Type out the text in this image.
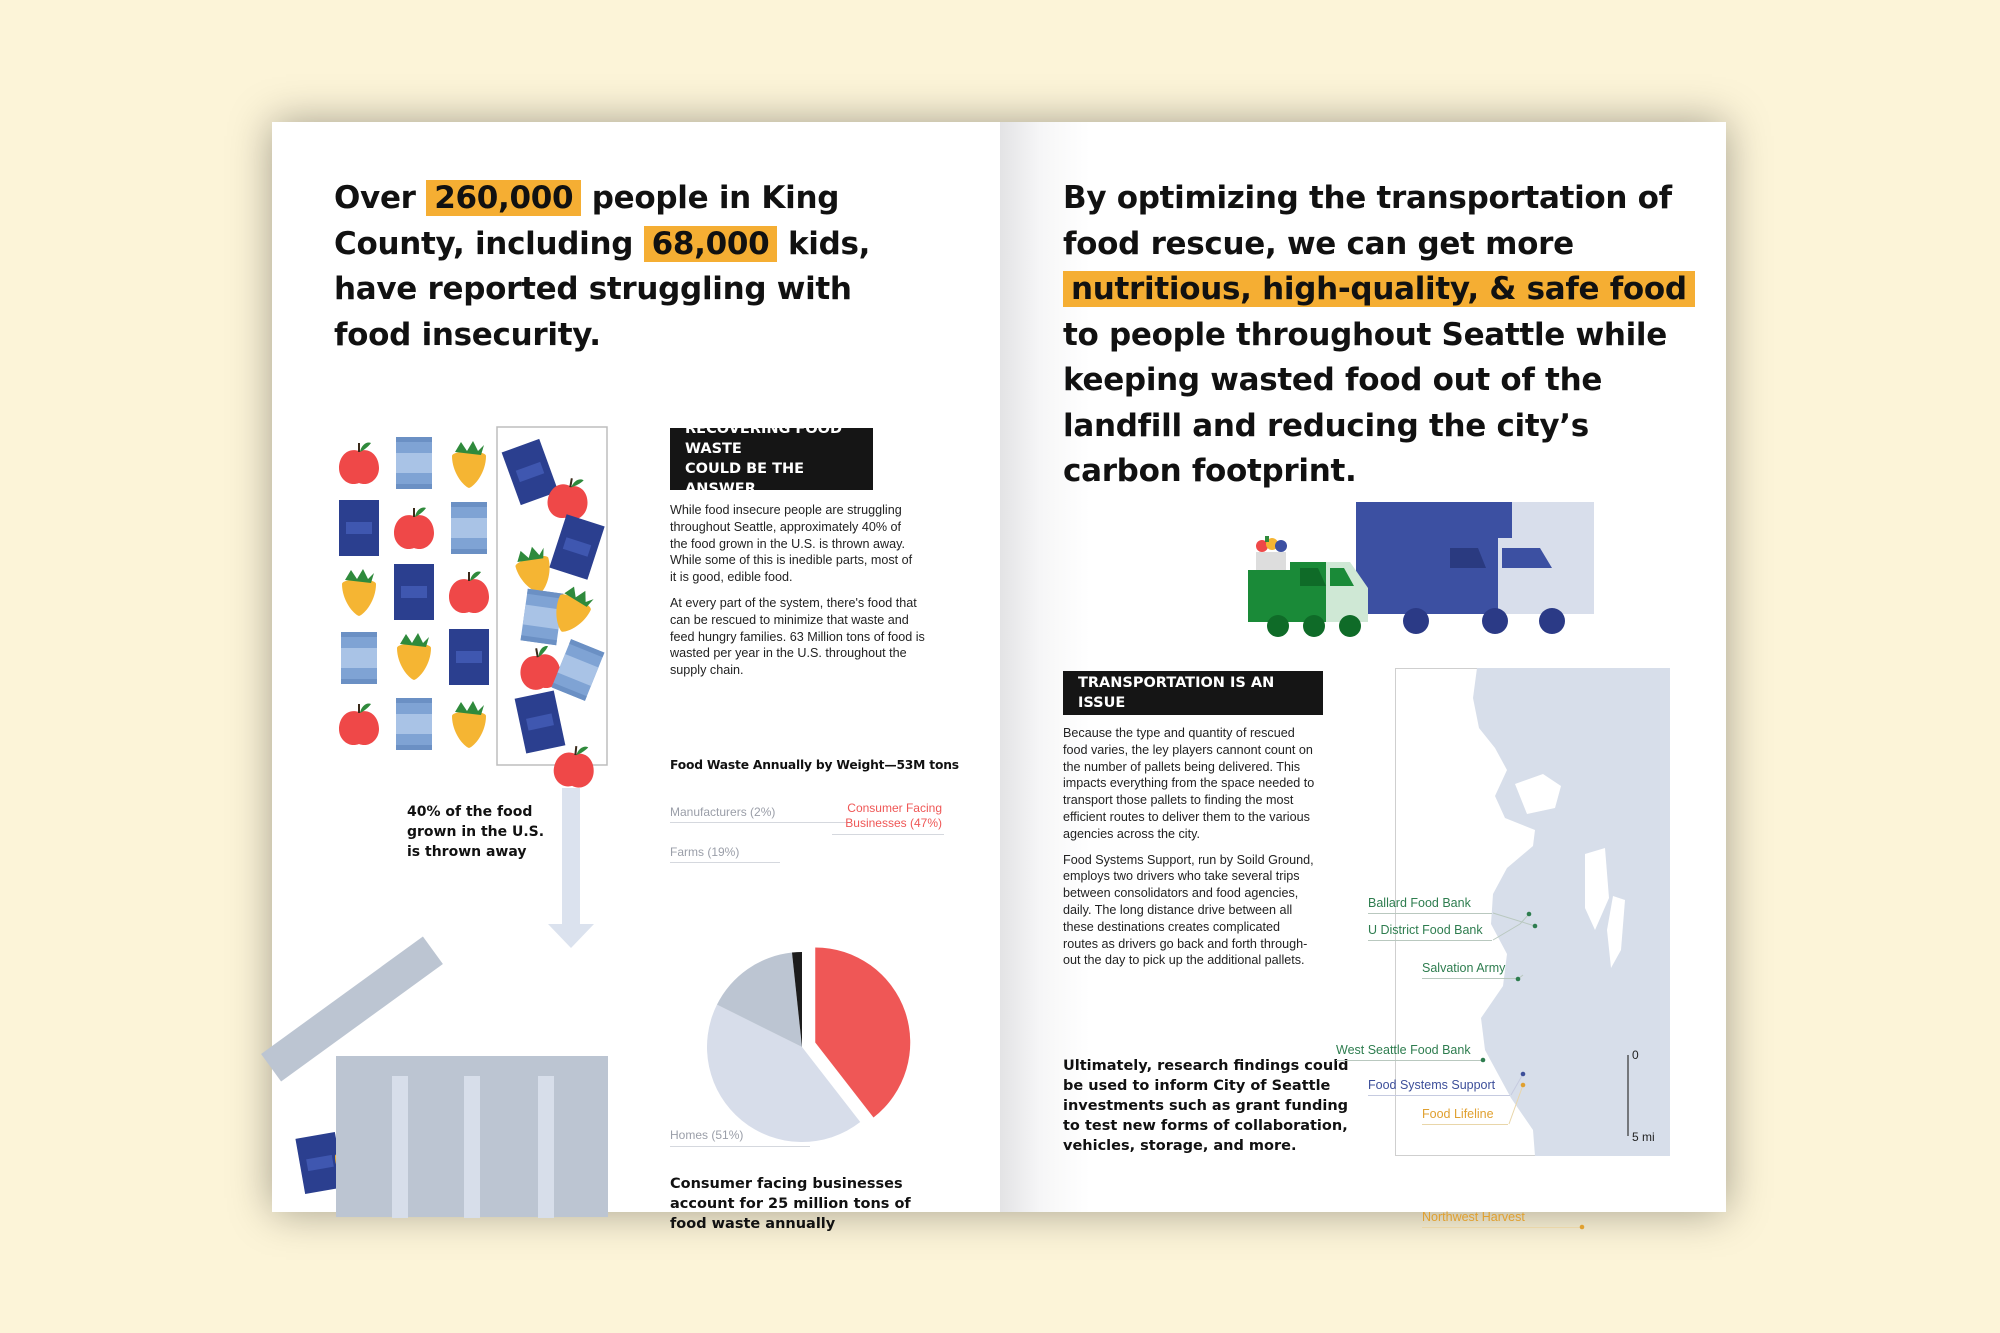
Over 260,000 people in King
County, including 68,000 kids,
have reported struggling with
food insecurity.
40% of the food
grown in the U.S.
is thrown away
RECOVERING FOOD WASTE
COULD BE THE ANSWER

While food insecure people are struggling
throughout Seattle, approximately 40% of
the food grown in the U.S. is thrown away.
While some of this is inedible parts, most of
it is good, edible food.

At every part of the system, there's food that
can be rescued to minimize that waste and
feed hungry families. 63 Million tons of food is
wasted per year in the U.S. throughout the
supply chain.

Food Waste Annually by Weight—53M tons
Manufacturers (2%)
Farms (19%)
Consumer Facing
Businesses (47%)
Homes (51%)
Consumer facing businesses
account for 25 million tons of
food waste annually
By optimizing the transportation of
food rescue, we can get more
nutritious, high-quality, & safe food
to people throughout Seattle while
keeping wasted food out of the
landfill and reducing the city’s
carbon footprint.
TRANSPORTATION IS AN ISSUE

Because the type and quantity of rescued
food varies, the ley players cannont count on
the number of pallets being delivered. This
impacts everything from the space needed to
transport those pallets to finding the most
efficient routes to deliver them to the various
agencies across the city.

Food Systems Support, run by Soild Ground,
employs two drivers who take several trips
between consolidators and food agencies,
daily. The long distance drive between all
these destinations creates complicated
routes as drivers go back and forth through-
out the day to pick up the additional pallets.

Ultimately, research findings could
be used to inform City of Seattle
investments such as grant funding
to test new forms of collaboration,
vehicles, storage, and more.
Ballard Food Bank
U District Food Bank
Salvation Army
West Seattle Food Bank
Food Systems Support
Food Lifeline
Northwest Harvest
0
5 mi
